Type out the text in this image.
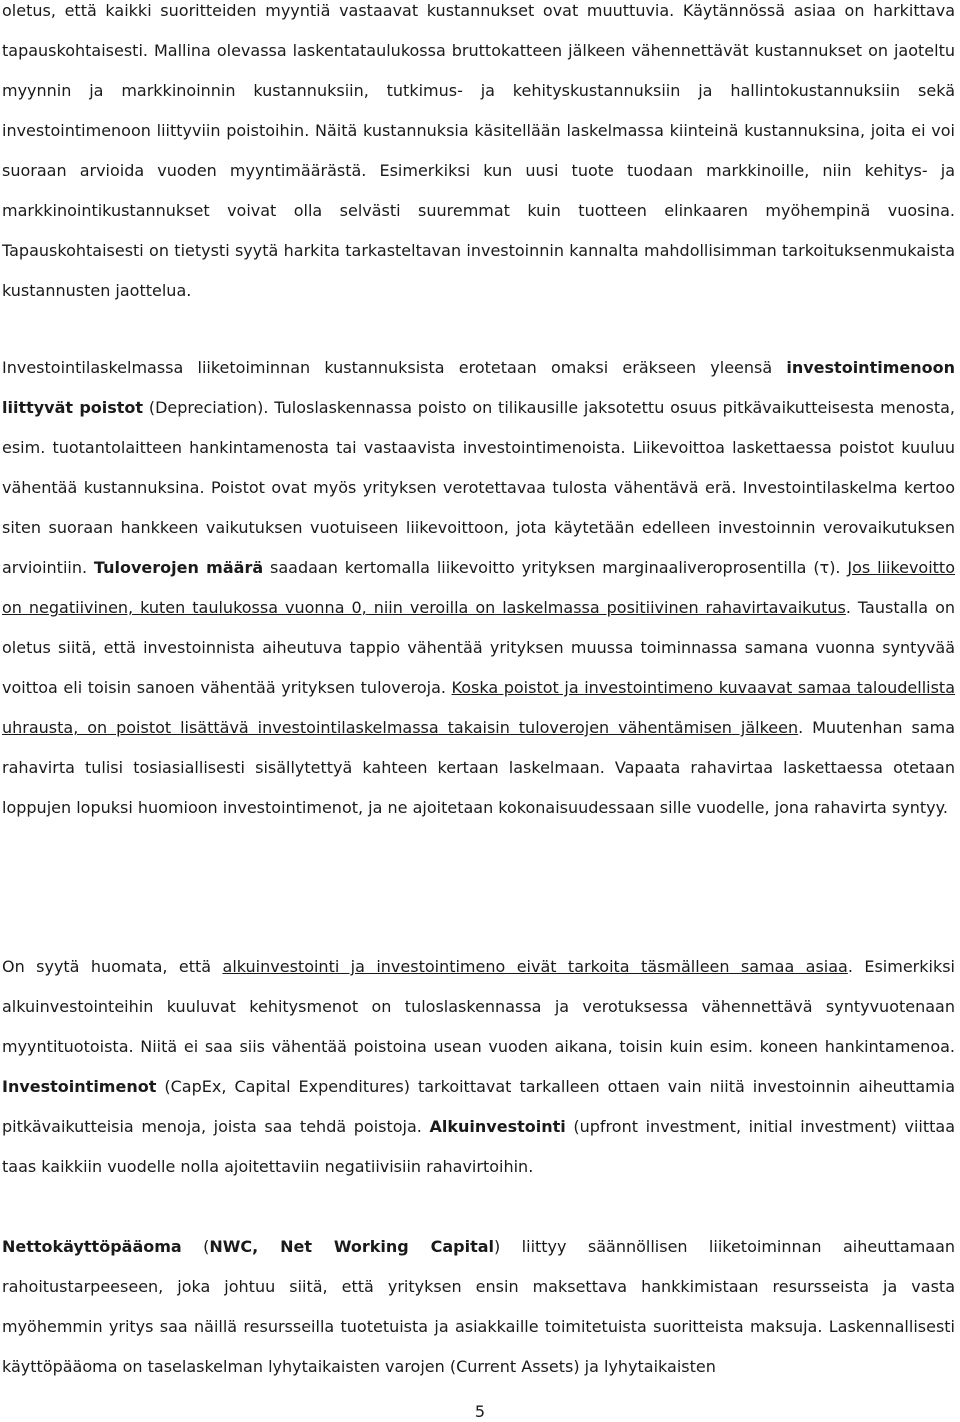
oletus, että kaikki suoritteiden myyntiä vastaavat kustannukset ovat muuttuvia. Käytännössä asiaa on harkittava tapauskohtaisesti. Mallina olevassa laskentataulukossa bruttokatteen jälkeen vähennettävät kustannukset on jaoteltu myynnin ja markkinoinnin kustannuksiin, tutkimus- ja kehityskustannuksiin ja hallintokustannuksiin sekä investointimenoon liittyviin poistoihin. Näitä kustannuksia käsitellään laskelmassa kiinteinä kustannuksina, joita ei voi suoraan arvioida vuoden myyntimäärästä. Esimerkiksi kun uusi tuote tuodaan markkinoille, niin kehitys- ja markkinointikustannukset voivat olla selvästi suuremmat kuin tuotteen elinkaaren myöhempinä vuosina. Tapauskohtaisesti on tietysti syytä harkita tarkasteltavan investoinnin kannalta mahdollisimman tarkoituksenmukaista kustannusten jaottelua.

Investointilaskelmassa liiketoiminnan kustannuksista erotetaan omaksi eräkseen yleensä investointimenoon liittyvät poistot (Depreciation). Tuloslaskennassa poisto on tilikausille jaksotettu osuus pitkävaikutteisesta menosta, esim. tuotantolaitteen hankintamenosta tai vastaavista investointimenoista. Liikevoittoa laskettaessa poistot kuuluu vähentää kustannuksina. Poistot ovat myös yrityksen verotettavaa tulosta vähentävä erä. Investointilaskelma kertoo siten suoraan hankkeen vaikutuksen vuotuiseen liikevoittoon, jota käytetään edelleen investoinnin verovaikutuksen arviointiin. Tuloverojen määrä saadaan kertomalla liikevoitto yrityksen marginaaliveroprosentilla (τ). Jos liikevoitto on negatiivinen, kuten taulukossa vuonna 0, niin veroilla on laskelmassa positiivinen rahavirtavaikutus. Taustalla on oletus siitä, että investoinnista aiheutuva tappio vähentää yrityksen muussa toiminnassa samana vuonna syntyvää voittoa eli toisin sanoen vähentää yrityksen tuloveroja. Koska poistot ja investointimeno kuvaavat samaa taloudellista uhrausta, on poistot lisättävä investointilaskelmassa takaisin tuloverojen vähentämisen jälkeen. Muutenhan sama rahavirta tulisi tosiasiallisesti sisällytettyä kahteen kertaan laskelmaan. Vapaata rahavirtaa laskettaessa otetaan loppujen lopuksi huomioon investointimenot, ja ne ajoitetaan kokonaisuudessaan sille vuodelle, jona rahavirta syntyy.

On syytä huomata, että alkuinvestointi ja investointimeno eivät tarkoita täsmälleen samaa asiaa. Esimerkiksi alkuinvestointeihin kuuluvat kehitysmenot on tuloslaskennassa ja verotuksessa vähennettävä syntyvuotenaan myyntituotoista. Niitä ei saa siis vähentää poistoina usean vuoden aikana, toisin kuin esim. koneen hankintamenoa. Investointimenot (CapEx, Capital Expenditures) tarkoittavat tarkalleen ottaen vain niitä investoinnin aiheuttamia pitkävaikutteisia menoja, joista saa tehdä poistoja. Alkuinvestointi (upfront investment, initial investment) viittaa taas kaikkiin vuodelle nolla ajoitettaviin negatiivisiin rahavirtoihin.

Nettokäyttöpääoma (NWC, Net Working Capital) liittyy säännöllisen liiketoiminnan aiheuttamaan rahoitustarpeeseen, joka johtuu siitä, että yrityksen ensin maksettava hankkimistaan resursseista ja vasta myöhemmin yritys saa näillä resursseilla tuotetuista ja asiakkaille toimitetuista suoritteista maksuja. Laskennallisesti käyttöpääoma on taselaskelman lyhytaikaisten varojen (Current Assets) ja lyhytaikaisten

5
